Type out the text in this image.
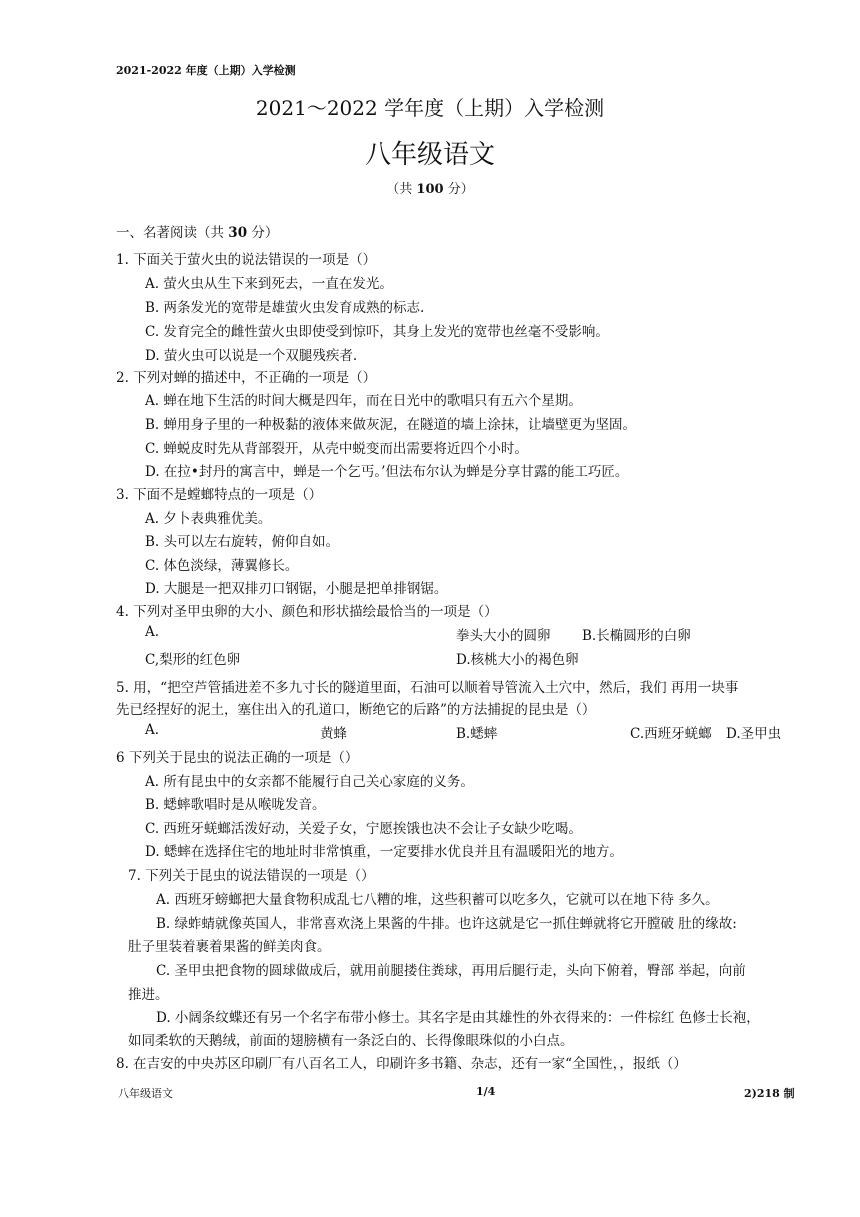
2021-2022 年度（上期）入学检测
2021～2022 学年度（上期）入学检测
八年级语文
（共 100 分）
一、名著阅读（共 30 分）
1. 下面关于萤火虫的说法错误的一项是（）
A. 萤火虫从生下来到死去，一直在发光。
B. 两条发光的宽带是雄萤火虫发育成熟的标志.
C. 发育完全的雌性萤火虫即使受到惊吓，其身上发光的宽带也丝毫不受影响。
D. 萤火虫可以说是一个双腿残疾者.
2. 下列对蝉的描述中，不正确的一项是（）
A. 蝉在地下生活的时间大概是四年，而在日光中的歌唱只有五六个星期。
B. 蝉用身子里的一种极黏的液体来做灰泥，在隧道的墙上涂抹，让墙壁更为坚固。
C. 蝉蜕皮时先从背部裂开，从壳中蜕变而出需要将近四个小时。
D. 在拉•封丹的寓言中，蝉是一个乞丐。’但法布尔认为蝉是分享甘露的能工巧匠。
3. 下面不是螳螂特点的一项是（）
A. 夕卜表典雅优美。
B. 头可以左右旋转，俯仰自如。
C. 体色淡绿，薄翼修长。
D. 大腿是一把双排刃口钢锯，小腿是把单排钢锯。
4. 下列对圣甲虫卵的大小、颜色和形状描绘最恰当的一项是（）
A.	拳头大小的圆卵 B.长椭圆形的白卵
C,梨形的红色卵	D.核桃大小的褐色卵
5. 用，“把空芦管插进差不多九寸长的隧道里面，石油可以顺着导管流入土穴中，然后，我们 再用一块事
先已经捏好的泥土，塞住出入的孔道口，断绝它的后路”的方法捕捉的昆虫是（）
A.	黄蜂	B.蟋蟀	C.西班牙蜣螂 D.圣甲虫
6 下列关于昆虫的说法正确的一项是（）
A. 所有昆虫中的女亲都不能履行自己关心家庭的义务。
B. 蟋蟀歌唱时是从喉咙发音。
C. 西班牙蜣螂活泼好动，关爱子女，宁愿挨饿也决不会让子女缺少吃喝。
D. 蟋蟀在选择住宅的地址时非常慎重，一定要排水优良并且有温暖阳光的地方。
7. 下列关于昆虫的说法错误的一项是（）
A. 西班牙螃螂把大量食物积成乱七八糟的堆，这些积蓄可以吃多久，它就可以在地下待 多久。
B. 绿蚱蜻就像英国人，非常喜欢浇上果酱的牛排。也许这就是它一抓住蝉就将它开膛破 肚的缘故:
肚子里装着裹着果酱的鲜美肉食。
C. 圣甲虫把食物的圆球做成后，就用前腿搂住粪球，再用后腿行走，头向下俯着，臀部 举起，向前
推进。
D. 小阔条纹蝶还有另一个名字布带小修士。其名字是由其雄性的外衣得来的：一件棕红 色修士长袍，
如同柔软的天鹅绒，前面的翅膀横有一条泛白的、长得像眼珠似的小白点。
8. 在吉安的中央苏区印刷厂有八百名工人，印刷许多书籍、杂志，还有一家“全国性，，报纸（）
八年级语文	1/4	2)218 制
